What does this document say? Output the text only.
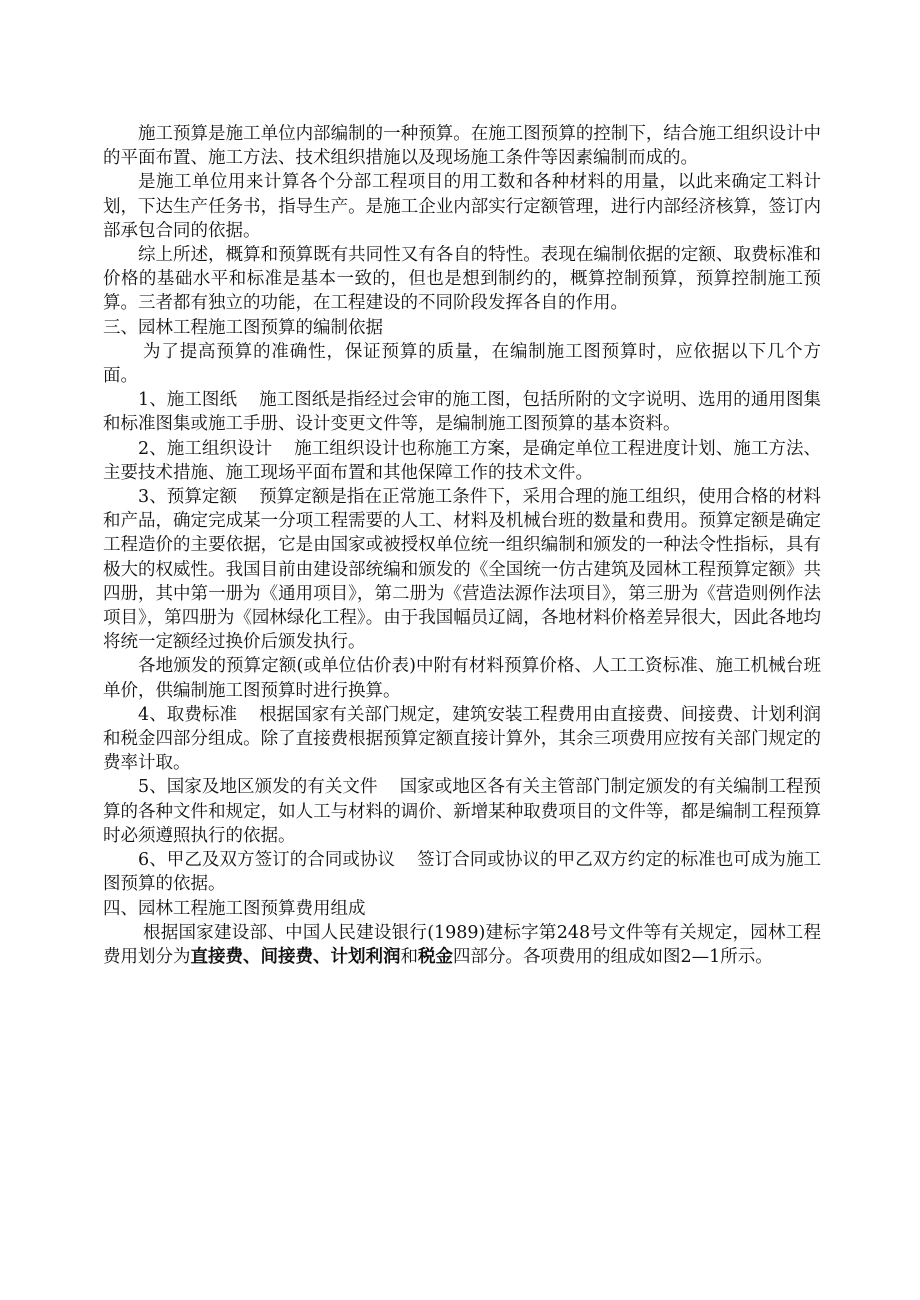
施工预算是施工单位内部编制的一种预算。在施工图预算的控制下，结合施工组织设计中的平面布置、施工方法、技术组织措施以及现场施工条件等因素编制而成的。

是施工单位用来计算各个分部工程项目的用工数和各种材料的用量，以此来确定工料计划，下达生产任务书，指导生产。是施工企业内部实行定额管理，进行内部经济核算，签订内部承包合同的依据。

综上所述，概算和预算既有共同性又有各自的特性。表现在编制依据的定额、取费标准和价格的基础水平和标准是基本一致的，但也是想到制约的，概算控制预算，预算控制施工预算。三者都有独立的功能，在工程建设的不同阶段发挥各自的作用。

三、园林工程施工图预算的编制依据

为了提高预算的准确性，保证预算的质量，在编制施工图预算时，应依据以下几个方面。

1、施工图纸 施工图纸是指经过会审的施工图，包括所附的文字说明、选用的通用图集和标准图集或施工手册、设计变更文件等，是编制施工图预算的基本资料。

2、施工组织设计 施工组织设计也称施工方案，是确定单位工程进度计划、施工方法、主要技术措施、施工现场平面布置和其他保障工作的技术文件。

3、预算定额 预算定额是指在正常施工条件下，采用合理的施工组织，使用合格的材料和产品，确定完成某一分项工程需要的人工、材料及机械台班的数量和费用。预算定额是确定工程造价的主要依据，它是由国家或被授权单位统一组织编制和颁发的一种法令性指标，具有极大的权威性。我国目前由建设部统编和颁发的《全国统一仿古建筑及园林工程预算定额》共四册，其中第一册为《通用项目》，第二册为《营造法源作法项目》，第三册为《营造则例作法项目》，第四册为《园林绿化工程》。由于我国幅员辽阔，各地材料价格差异很大，因此各地均将统一定额经过换价后颁发执行。

各地颁发的预算定额(或单位估价表)中附有材料预算价格、人工工资标准、施工机械台班单价，供编制施工图预算时进行换算。

4、取费标准 根据国家有关部门规定，建筑安装工程费用由直接费、间接费、计划利润和税金四部分组成。除了直接费根据预算定额直接计算外，其余三项费用应按有关部门规定的费率计取。

5、国家及地区颁发的有关文件 国家或地区各有关主管部门制定颁发的有关编制工程预算的各种文件和规定，如人工与材料的调价、新增某种取费项目的文件等，都是编制工程预算时必须遵照执行的依据。

6、甲乙及双方签订的合同或协议 签订合同或协议的甲乙双方约定的标准也可成为施工图预算的依据。

四、园林工程施工图预算费用组成

根据国家建设部、中国人民建设银行(1989)建标字第248号文件等有关规定，园林工程费用划分为直接费、间接费、计划利润和税金四部分。各项费用的组成如图2—1所示。
